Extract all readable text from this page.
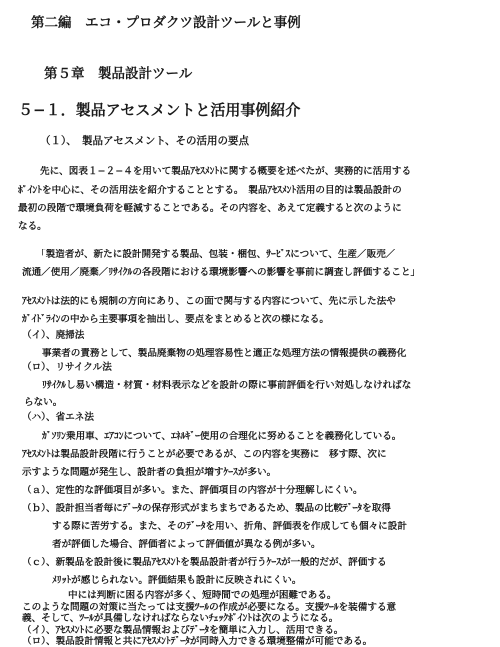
第二編　エコ・プロダクツ設計ツールと事例
第５章　製品設計ツール
５−１．製品アセスメントと活用事例紹介
（１）、　製品アセスメント、その活用の要点
先に、図表１−２−４を用いて製品ｱｾｽﾒﾝﾄに関する概要を述べたが、実務的に活用する
ﾎﾟｲﾝﾄを中心に、その活用法を紹介することとする。　製品ｱｾｽﾒﾝﾄ活用の目的は製品設計の
最初の段階で環境負荷を軽減することである。その内容を、あえて定義すると次のように
なる。
「製造者が、新たに設計開発する製品、包装・梱包、ｻｰﾋﾞｽについて、生産／販売／
流通／使用／廃棄／ﾘｻｲｸﾙの各段階における環境影響への影響を事前に調査し評価すること」
ｱｾｽﾒﾝﾄは法的にも規制の方向にあり、この面で関与する内容について、先に示した法や
ｶﾞｲﾄﾞﾗｲﾝの中から主要事項を抽出し、要点をまとめると次の様になる。
（イ）、廃掃法
事業者の責務として、製品廃棄物の処理容易性と適正な処理方法の情報提供の義務化
（ロ）、リサイクル法
ﾘｻｲｸﾙし易い構造・材質・材料表示などを設計の際に事前評価を行い対処しなければな
らない。
（ハ）、省エネ法
ｶﾞｿﾘﾝ乗用車、ｴｱｺﾝについて、ｴﾈﾙｷﾞｰ使用の合理化に努めることを義務化している。
ｱｾｽﾒﾝﾄは製品設計段階に行うことが必要であるが、この内容を実務に　移す際、次に
示すような問題が発生し、設計者の負担が増すｹｰｽが多い。
（ａ）、定性的な評価項目が多い。また、評価項目の内容が十分理解しにくい。
（ｂ）、設計担当者毎にﾃﾞｰﾀの保存形式がまちまちであるため、製品の比較ﾃﾞｰﾀを取得
する際に苦労する。また、そのﾃﾞｰﾀを用い、折角、評価表を作成しても個々に設計
者が評価した場合、評価者によって評価値が異なる例が多い。
（ｃ）、新製品を設計後に製品ｱｾｽﾒﾝﾄを製品設計者が行うｹｰｽが一般的だが、評価する
ﾒﾘｯﾄが感じられない。評価結果も設計に反映されにくい。
中には判断に困る内容が多く、短時間での処理が困難である。
このような問題の対策に当たっては支援ﾂｰﾙの作成が必要になる。支援ﾂｰﾙを装備する意
義、そして、ﾂｰﾙが具備しなければならないﾁｪｯｸﾎﾟｲﾝﾄは次のようになる。
（イ）、ｱｾｽﾒﾝﾄに必要な製品情報およびﾃﾞｰﾀを簡単に入力し、活用できる。
（ロ）、製品設計情報と共にｱｾｽﾒﾝﾄﾃﾞｰﾀが同時入力できる環境整備が可能である。
